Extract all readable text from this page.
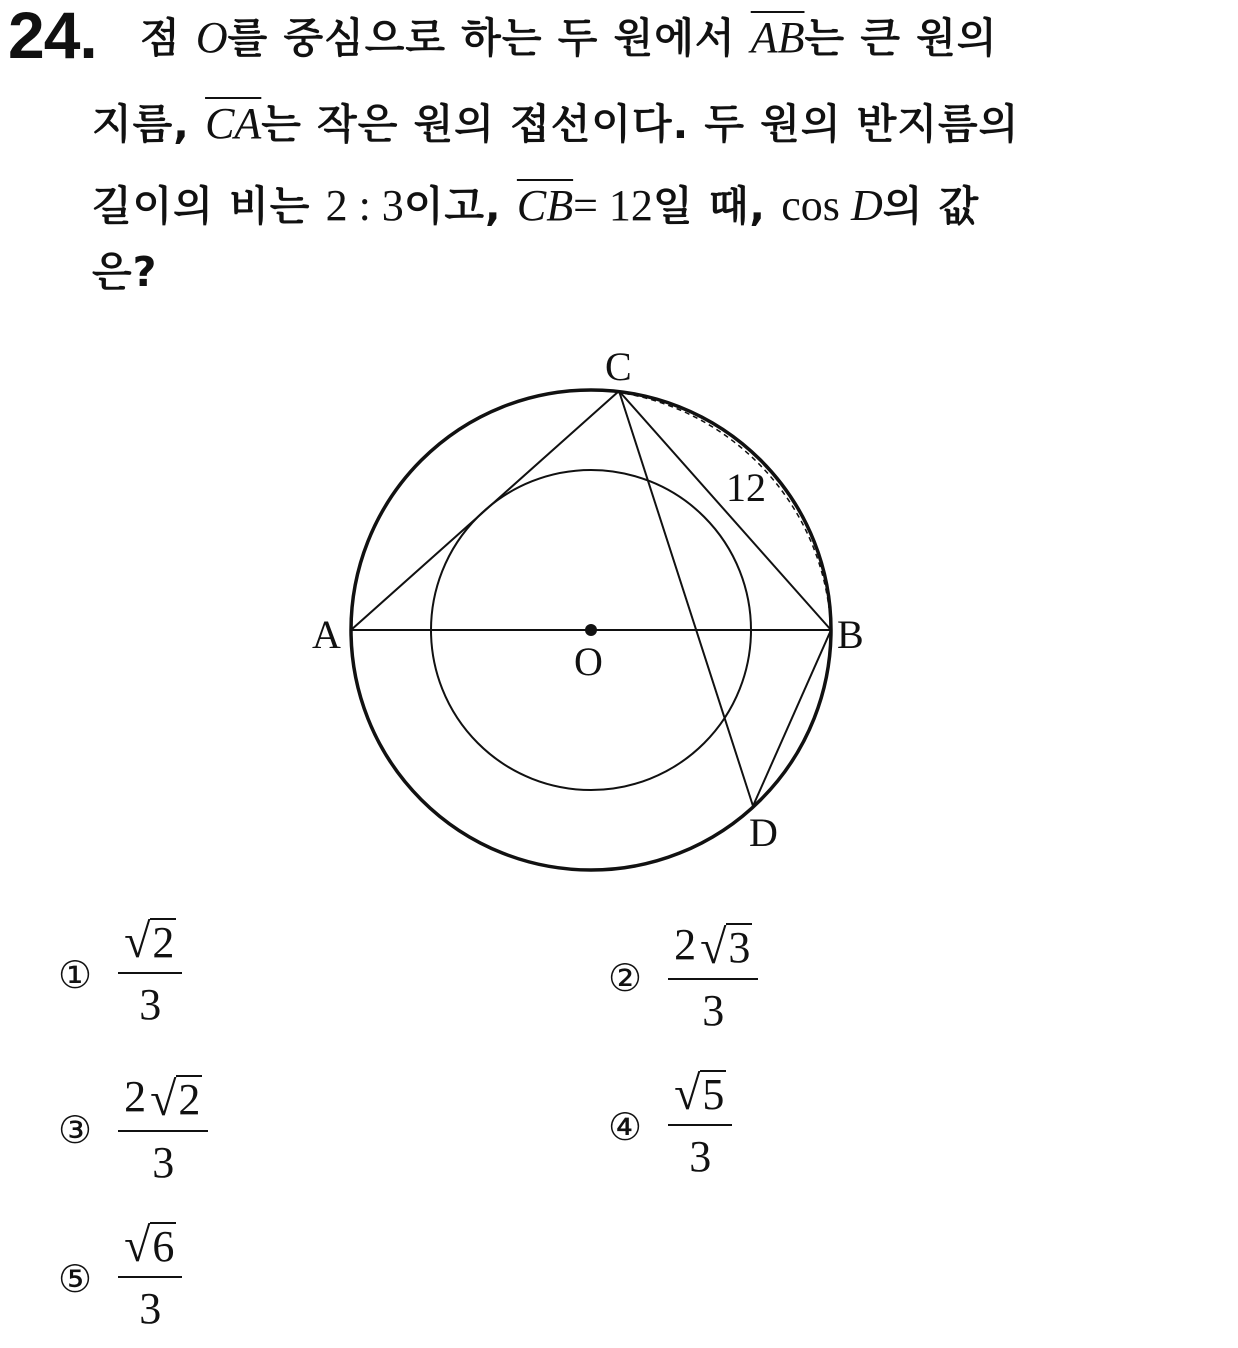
24. 점 O를 중심으로 하는 두 원에서 $\overline{AB}$는 큰 원의
지름, $\overline{CA}$는 작은 원의 접선이다. 두 원의 반지름의
길이의 비는 2 : 3이고, $\overline{CB}= 12$일 때, cos D의 값
은?
C
A	B
O
D
12
① $\frac{√ 2}{3}$	② $\frac{2 √ 3}{3}$
③ $\frac{2 √ 2}{3}$	④ $\frac{√ 5}{3}$
⑤ $\frac{√ 6}{3}$
